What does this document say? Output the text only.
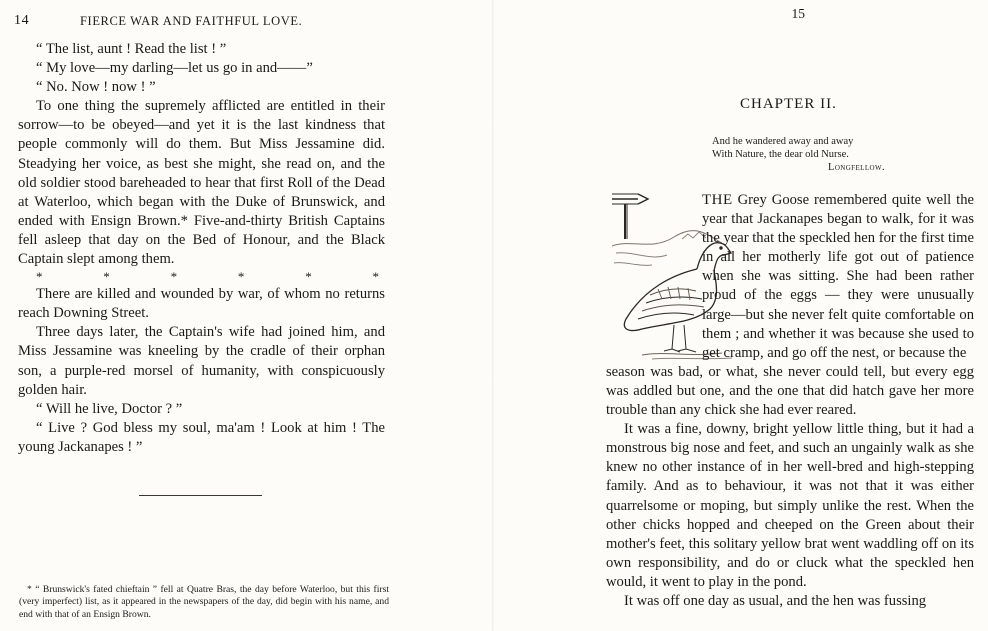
14	FIERCE WAR AND FAITHFUL LOVE.

“ The list, aunt ! Read the list ! ”

“ My love—my darling—let us go in and——”

“ No. Now ! now ! ”

To one thing the supremely afflicted are entitled in their sorrow—to be obeyed—and yet it is the last kindness that people commonly will do them. But Miss Jessamine did. Steadying her voice, as best she might, she read on, and the old soldier stood bareheaded to hear that first Roll of the Dead at Waterloo, which began with the Duke of Brunswick, and ended with Ensign Brown.* Five-and-thirty British Captains fell asleep that day on the Bed of Honour, and the Black Captain slept among them.

*	*	*	*	*	*

There are killed and wounded by war, of whom no returns reach Downing Street.

Three days later, the Captain's wife had joined him, and Miss Jessamine was kneeling by the cradle of their orphan son, a purple-red morsel of humanity, with conspicuously golden hair.

“ Will he live, Doctor ? ”

“ Live ? God bless my soul, ma'am ! Look at him ! The young Jackanapes ! ”

* “ Brunswick's fated chieftain ” fell at Quatre Bras, the day before Waterloo, but this first (very imperfect) list, as it appeared in the newspapers of the day, did begin with his name, and end with that of an Ensign Brown.

15
CHAPTER II.
And he wandered away and away
With Nature, the dear old Nurse.
Longfellow.

THE Grey Goose remembered quite well the year that Jackanapes began to walk, for it was the year that the speckled hen for the first time in all her motherly life got out of patience when she was sitting. She had been rather proud of the eggs — they were unusually large—but she never felt quite comfortable on them ; and whether it was because she used to get cramp, and go off the nest, or because the

season was bad, or what, she never could tell, but every egg was addled but one, and the one that did hatch gave her more trouble than any chick she had ever reared.

It was a fine, downy, bright yellow little thing, but it had a monstrous big nose and feet, and such an ungainly walk as she knew no other instance of in her well-bred and high-stepping family. And as to behaviour, it was not that it was either quarrelsome or moping, but simply unlike the rest. When the other chicks hopped and cheeped on the Green about their mother's feet, this solitary yellow brat went waddling off on its own responsibility, and do or cluck what the speckled hen would, it went to play in the pond.

It was off one day as usual, and the hen was fussing
